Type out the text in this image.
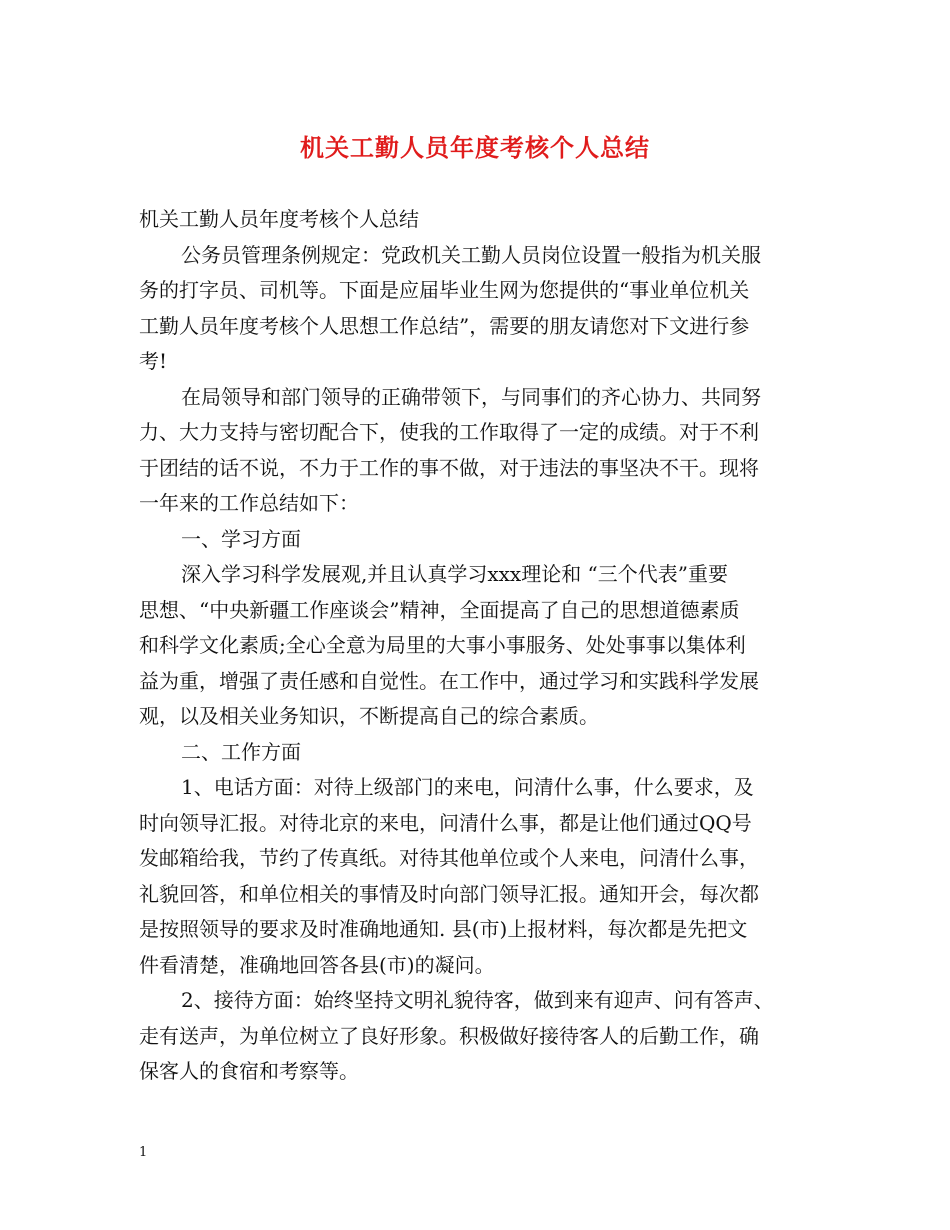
机关工勤人员年度考核个人总结
机关工勤人员年度考核个人总结
公务员管理条例规定：党政机关工勤人员岗位设置一般指为机关服
务的打字员、司机等。下面是应届毕业生网为您提供的“事业单位机关
工勤人员年度考核个人思想工作总结”，需要的朋友请您对下文进行参
考!
在局领导和部门领导的正确带领下，与同事们的齐心协力、共同努
力、大力支持与密切配合下，使我的工作取得了一定的成绩。对于不利
于团结的话不说，不力于工作的事不做，对于违法的事坚决不干。现将
一年来的工作总结如下：
一、学习方面
深入学习科学发展观,并且认真学习xxx理论和 “三个代表”重要
思想、“中央新疆工作座谈会”精神，全面提高了自己的思想道德素质
和科学文化素质;全心全意为局里的大事小事服务、处处事事以集体利
益为重，增强了责任感和自觉性。在工作中，通过学习和实践科学发展
观，以及相关业务知识，不断提高自己的综合素质。
二、工作方面
1、电话方面：对待上级部门的来电，问清什么事，什么要求，及
时向领导汇报。对待北京的来电，问清什么事，都是让他们通过QQ号
发邮箱给我，节约了传真纸。对待其他单位或个人来电，问清什么事，
礼貌回答，和单位相关的事情及时向部门领导汇报。通知开会，每次都
是按照领导的要求及时准确地通知. 县(市)上报材料，每次都是先把文
件看清楚，准确地回答各县(市)的凝问。
2、接待方面：始终坚持文明礼貌待客，做到来有迎声、问有答声、
走有送声，为单位树立了良好形象。积极做好接待客人的后勤工作，确
保客人的食宿和考察等。
1
